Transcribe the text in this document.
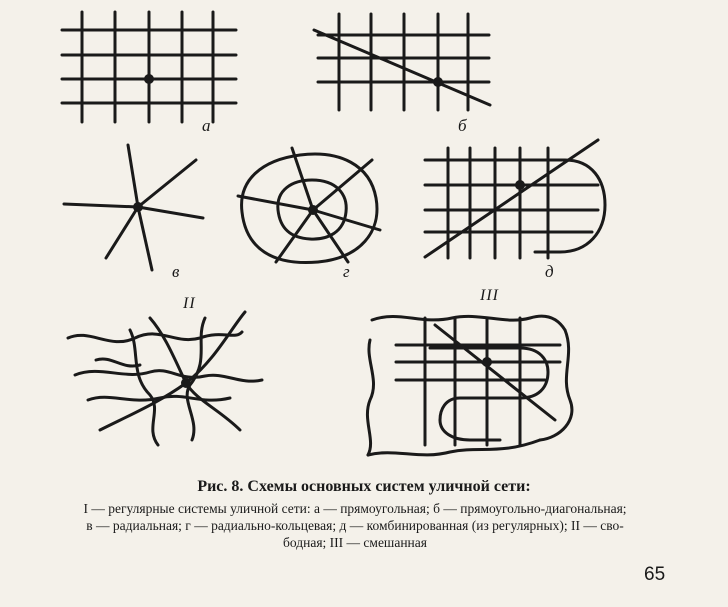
а	б
в	г	д
II	III
Рис. 8. Схемы основных систем уличной сети:
I — регулярные системы уличной сети: а — прямоугольная; б — прямоугольно-диагональная;
в — радиальная; г — радиально-кольцевая; д — комбинированная (из регулярных); II — сво-
бодная; III — смешанная
65
